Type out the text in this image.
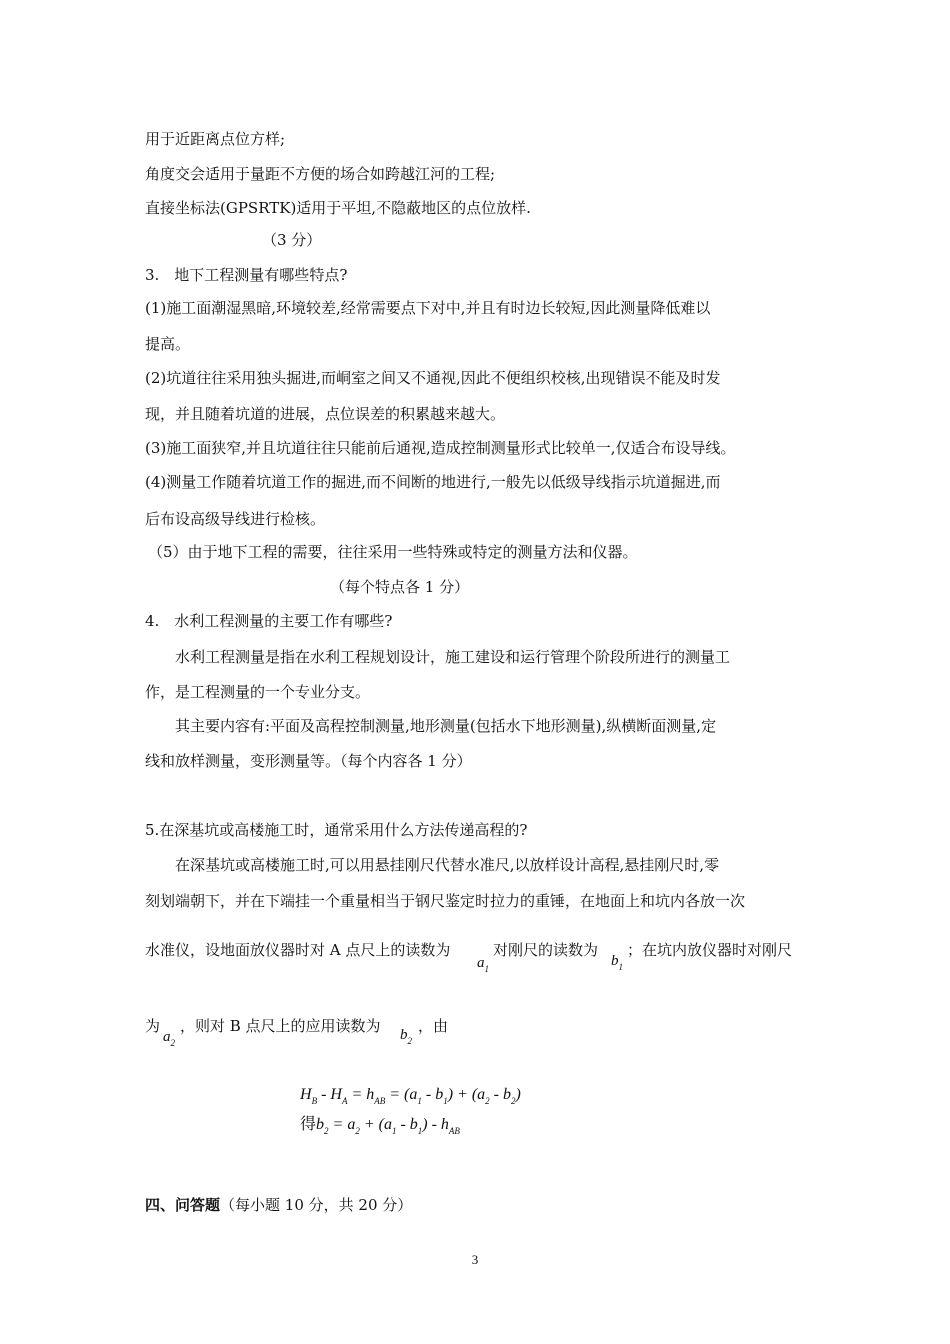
用于近距离点位方样;
角度交会适用于量距不方便的场合如跨越江河的工程;
直接坐标法(GPSRTK)适用于平坦,不隐蔽地区的点位放样.
（3 分）
3.　地下工程测量有哪些特点?
(1)施工面潮湿黑暗,环境较差,经常需要点下对中,并且有时边长较短,因此测量降低难以
提高。
(2)坑道往往采用独头掘进,而峒室之间又不通视,因此不便组织校核,出现错误不能及时发
现，并且随着坑道的进展，点位误差的积累越来越大。
(3)施工面狭窄,并且坑道往往只能前后通视,造成控制测量形式比较单一,仅适合布设导线。
(4)测量工作随着坑道工作的掘进,而不间断的地进行,一般先以低级导线指示坑道掘进,而
后布设高级导线进行检核。
（5）由于地下工程的需要，往往采用一些特殊或特定的测量方法和仪器。
（每个特点各 1 分）
4.　水利工程测量的主要工作有哪些?
水利工程测量是指在水利工程规划设计，施工建设和运行管理个阶段所进行的测量工
作，是工程测量的一个专业分支。
其主要内容有:平面及高程控制测量,地形测量(包括水下地形测量),纵横断面测量,定
线和放样测量，变形测量等。（每个内容各 1 分）
5.在深基坑或高楼施工时，通常采用什么方法传递高程的?
在深基坑或高楼施工时,可以用悬挂刚尺代替水准尺,以放样设计高程,悬挂刚尺时,零
刻划端朝下，并在下端挂一个重量相当于钢尺鉴定时拉力的重锤，在地面上和坑内各放一次
水准仪，设地面放仪器时对 A 点尺上的读数为
$a_1$
对刚尺的读数为
$b_1$
；在坑内放仪器时对刚尺
为
$a_2$
，则对 B 点尺上的应用读数为 $b_2$
，由
$H_B - H_A = h_{AB} = (a_1 - b_1) + (a_2 - b_2)$
得$b_2 = a_2 + (a_1 - b_1) - h_{AB}$
四、问答题（每小题 10 分，共 20 分）
3
